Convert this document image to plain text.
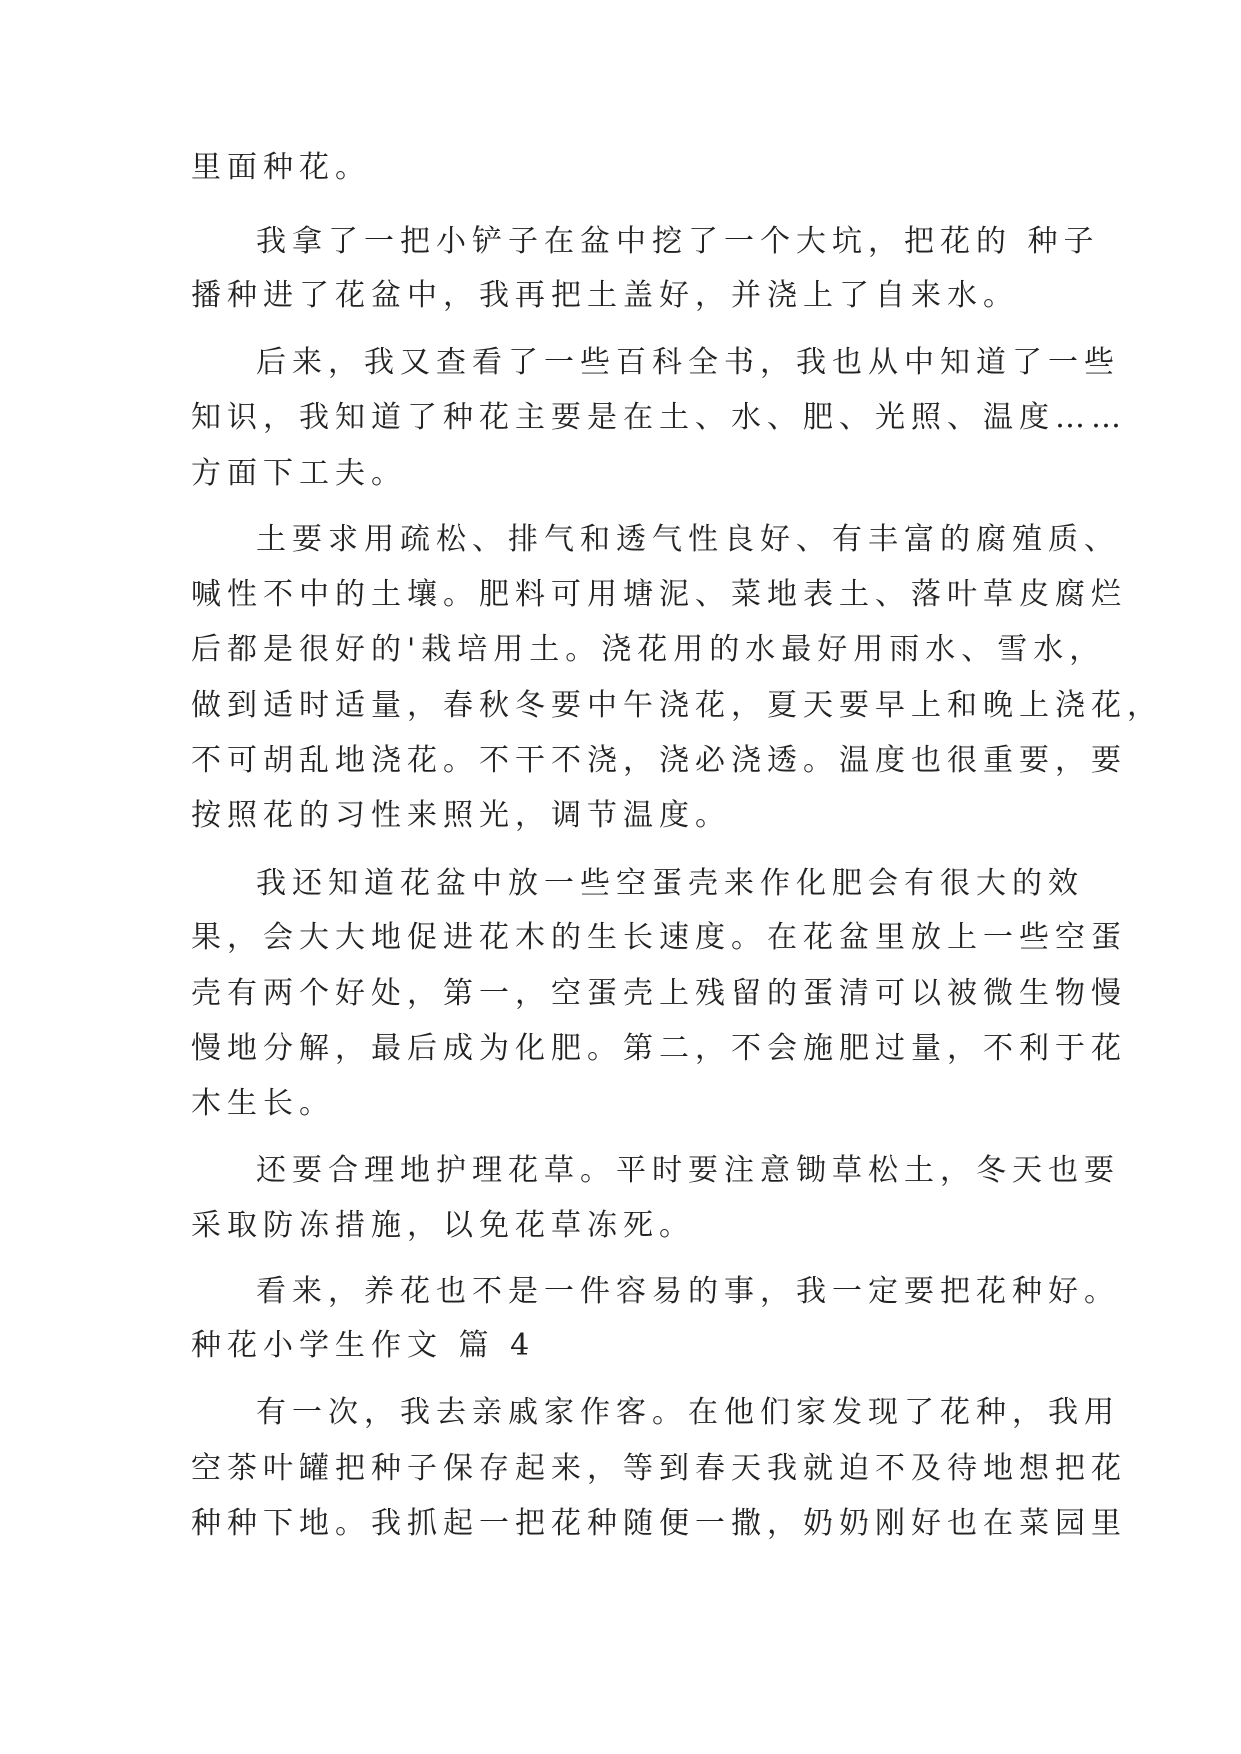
里面种花。
我拿了一把小铲子在盆中挖了一个大坑，把花的 种子
播种进了花盆中，我再把土盖好，并浇上了自来水。
后来，我又查看了一些百科全书，我也从中知道了一些
知识，我知道了种花主要是在土、水、肥、光照、温度……
方面下工夫。
土要求用疏松、排气和透气性良好、有丰富的腐殖质、
喊性不中的土壤。肥料可用塘泥、菜地表土、落叶草皮腐烂
后都是很好的'栽培用土。浇花用的水最好用雨水、雪水，
做到适时适量，春秋冬要中午浇花，夏天要早上和晚上浇花，
不可胡乱地浇花。不干不浇，浇必浇透。温度也很重要，要
按照花的习性来照光，调节温度。
我还知道花盆中放一些空蛋壳来作化肥会有很大的效
果，会大大地促进花木的生长速度。在花盆里放上一些空蛋
壳有两个好处，第一，空蛋壳上残留的蛋清可以被微生物慢
慢地分解，最后成为化肥。第二，不会施肥过量，不利于花
木生长。
还要合理地护理花草。平时要注意锄草松土，冬天也要
采取防冻措施，以免花草冻死。
看来，养花也不是一件容易的事，我一定要把花种好。
种花小学生作文 篇 4
有一次，我去亲戚家作客。在他们家发现了花种，我用
空茶叶罐把种子保存起来，等到春天我就迫不及待地想把花
种种下地。我抓起一把花种随便一撒，奶奶刚好也在菜园里
